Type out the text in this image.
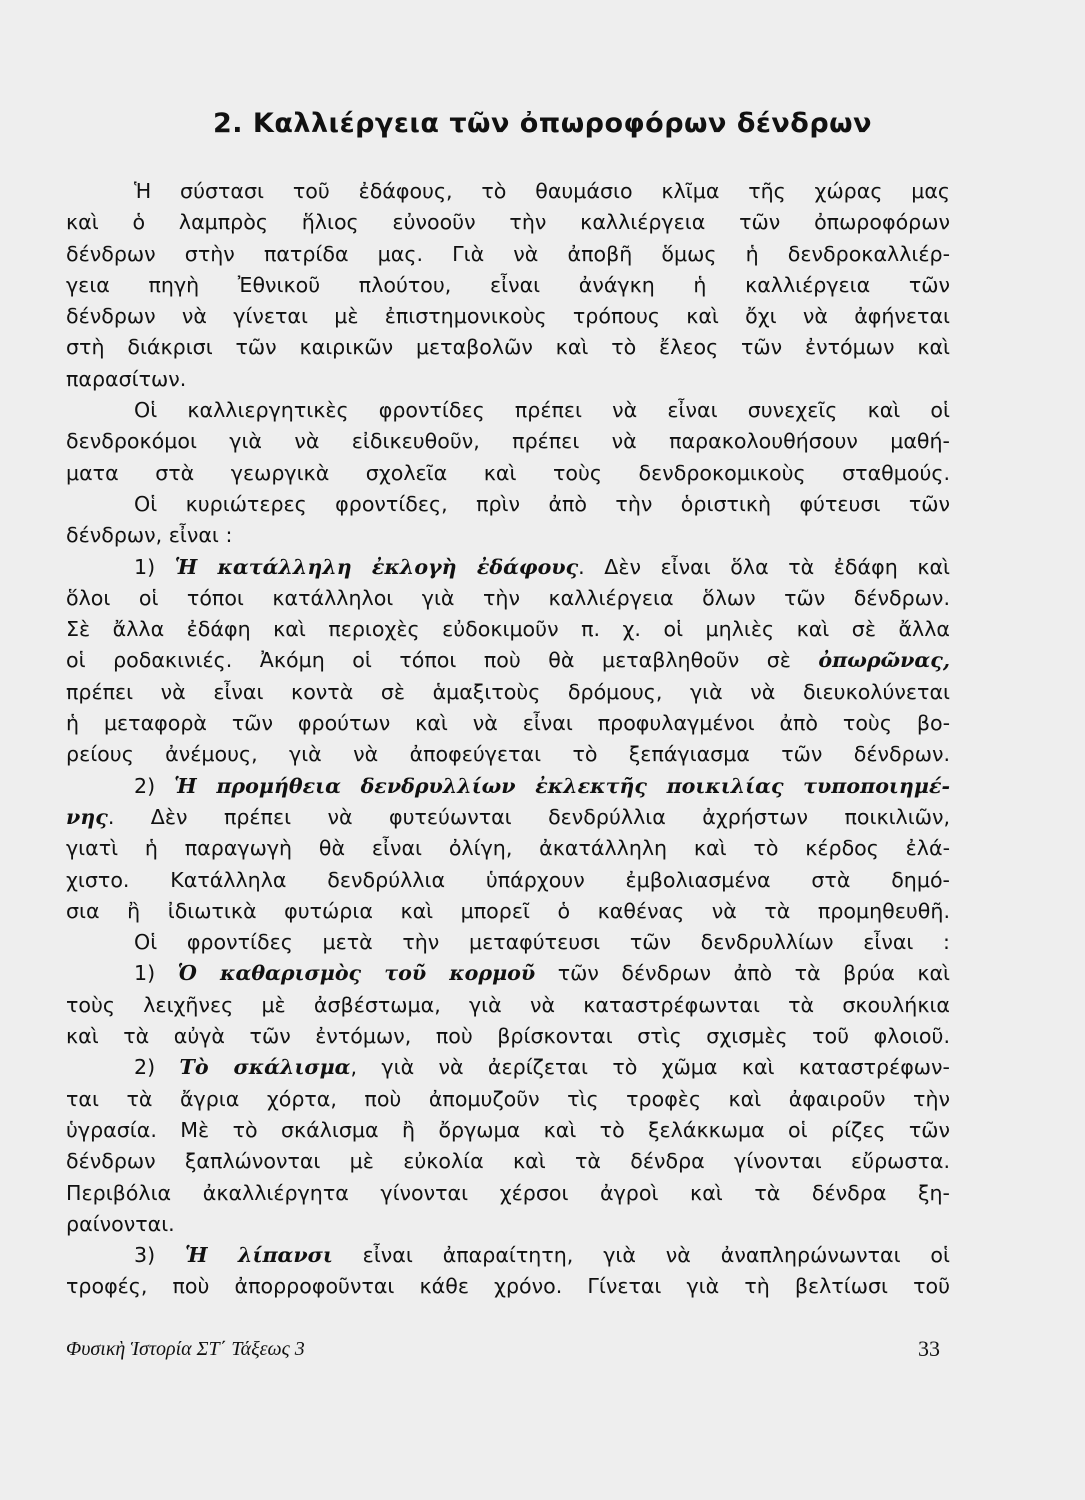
2. Καλλιέργεια τῶν ὀπωροφόρων δένδρων
Ἡ σύστασι τοῦ ἐδάφους, τὸ θαυμάσιο κλῖμα τῆς χώρας μας
καὶ ὁ λαμπρὸς ἥλιος εὐνοοῦν τὴν καλλιέργεια τῶν ὀπωροφόρων
δένδρων στὴν πατρίδα μας. Γιὰ νὰ ἀποβῆ ὅμως ἡ δενδροκαλλιέρ-
γεια πηγὴ Ἐθνικοῦ πλούτου, εἶναι ἀνάγκη ἡ καλλιέργεια τῶν
δένδρων νὰ γίνεται μὲ ἐπιστημονικοὺς τρόπους καὶ ὄχι νὰ ἀφήνεται
στὴ διάκρισι τῶν καιρικῶν μεταβολῶν καὶ τὸ ἔλεος τῶν ἐντόμων καὶ
παρασίτων.
Οἱ καλλιεργητικὲς φροντίδες πρέπει νὰ εἶναι συνεχεῖς καὶ οἱ
δενδροκόμοι γιὰ νὰ εἰδικευθοῦν, πρέπει νὰ παρακολουθήσουν μαθή-
ματα στὰ γεωργικὰ σχολεῖα καὶ τοὺς δενδροκομικοὺς σταθμούς.
Οἱ κυριώτερες φροντίδες, πρὶν ἀπὸ τὴν ὁριστικὴ φύτευσι τῶν
δένδρων, εἶναι :
1) Ἡ κατάλληλη ἐκλογὴ ἐδάφους. Δὲν εἶναι ὅλα τὰ ἐδάφη καὶ
ὅλοι οἱ τόποι κατάλληλοι γιὰ τὴν καλλιέργεια ὅλων τῶν δένδρων.
Σὲ ἄλλα ἐδάφη καὶ περιοχὲς εὐδοκιμοῦν π. χ. οἱ μηλιὲς καὶ σὲ ἄλλα
οἱ ροδακινιές. Ἀκόμη οἱ τόποι ποὺ θὰ μεταβληθοῦν σὲ ὀπωρῶνας,
πρέπει νὰ εἶναι κοντὰ σὲ ἁμαξιτοὺς δρόμους, γιὰ νὰ διευκολύνεται
ἡ μεταφορὰ τῶν φρούτων καὶ νὰ εἶναι προφυλαγμένοι ἀπὸ τοὺς βο-
ρείους ἀνέμους, γιὰ νὰ ἀποφεύγεται τὸ ξεπάγιασμα τῶν δένδρων.
2) Ἡ προμήθεια δενδρυλλίων ἐκλεκτῆς ποικιλίας τυποποιημέ-
νης. Δὲν πρέπει νὰ φυτεύωνται δενδρύλλια ἀχρήστων ποικιλιῶν,
γιατὶ ἡ παραγωγὴ θὰ εἶναι ὀλίγη, ἀκατάλληλη καὶ τὸ κέρδος ἐλά-
χιστο. Κατάλληλα δενδρύλλια ὑπάρχουν ἐμβολιασμένα στὰ δημό-
σια ἢ ἰδιωτικὰ φυτώρια καὶ μπορεῖ ὁ καθένας νὰ τὰ προμηθευθῆ.
Οἱ φροντίδες μετὰ τὴν μεταφύτευσι τῶν δενδρυλλίων εἶναι :
1) Ὁ καθαρισμὸς τοῦ κορμοῦ τῶν δένδρων ἀπὸ τὰ βρύα καὶ
τοὺς λειχῆνες μὲ ἀσβέστωμα, γιὰ νὰ καταστρέφωνται τὰ σκουλήκια
καὶ τὰ αὐγὰ τῶν ἐντόμων, ποὺ βρίσκονται στὶς σχισμὲς τοῦ φλοιοῦ.
2) Τὸ σκάλισμα, γιὰ νὰ ἀερίζεται τὸ χῶμα καὶ καταστρέφων-
ται τὰ ἄγρια χόρτα, ποὺ ἀπομυζοῦν τὶς τροφὲς καὶ ἀφαιροῦν τὴν
ὑγρασία. Μὲ τὸ σκάλισμα ἢ ὄργωμα καὶ τὸ ξελάκκωμα οἱ ρίζες τῶν
δένδρων ξαπλώνονται μὲ εὐκολία καὶ τὰ δένδρα γίνονται εὔρωστα.
Περιβόλια ἀκαλλιέργητα γίνονται χέρσοι ἀγροὶ καὶ τὰ δένδρα ξη-
ραίνονται.
3) Ἡ λίπανσι εἶναι ἀπαραίτητη, γιὰ νὰ ἀναπληρώνωνται οἱ
τροφές, ποὺ ἀπορροφοῦνται κάθε χρόνο. Γίνεται γιὰ τὴ βελτίωσι τοῦ
Φυσικὴ Ἱστορία ΣΤ΄ Τάξεως 3	33
